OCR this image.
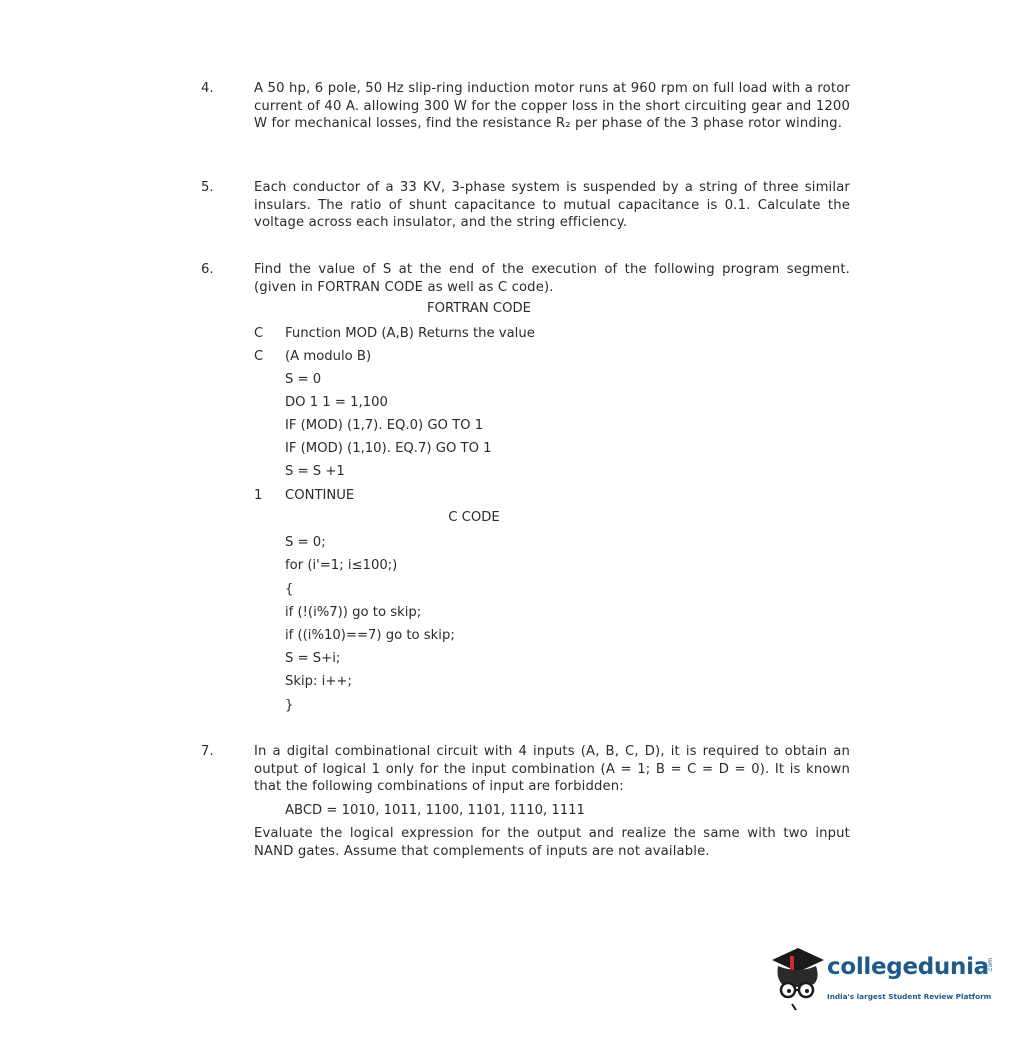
4.	A 50 hp, 6 pole, 50 Hz slip-ring induction motor runs at 960 rpm on full load with a rotor current of 40 A. allowing 300 W for the copper loss in the short circuiting gear and 1200 W for mechanical losses, find the resistance R₂ per phase of the 3 phase rotor winding.
5.	Each conductor of a 33 KV, 3-phase system is suspended by a string of three similar insulars. The ratio of shunt capacitance to mutual capacitance is 0.1. Calculate the voltage across each insulator, and the string efficiency.
6.	Find the value of S at the end of the execution of the following program segment. (given in FORTRAN CODE as well as C code).
FORTRAN CODE
C Function MOD (A,B) Returns the value
C (A modulo B)
S = 0
DO 1 1 = 1,100
IF (MOD) (1,7). EQ.0) GO TO 1
IF (MOD) (1,10). EQ.7) GO TO 1
S = S +1
1 CONTINUE
C CODE
S = 0;
for (i'=1; i≤100;)
{
if (!(i%7)) go to skip;
if ((i%10)==7) go to skip;
S = S+i;
Skip: i++;
}
7.	In a digital combinational circuit with 4 inputs (A, B, C, D), it is required to obtain an output of logical 1 only for the input combination (A = 1; B = C = D = 0). It is known that the following combinations of input are forbidden:
ABCD = 1010, 1011, 1100, 1101, 1110, 1111
Evaluate the logical expression for the output and realize the same with two input NAND gates. Assume that complements of inputs are not available.
collegedunia
.com
India's largest Student Review Platform
